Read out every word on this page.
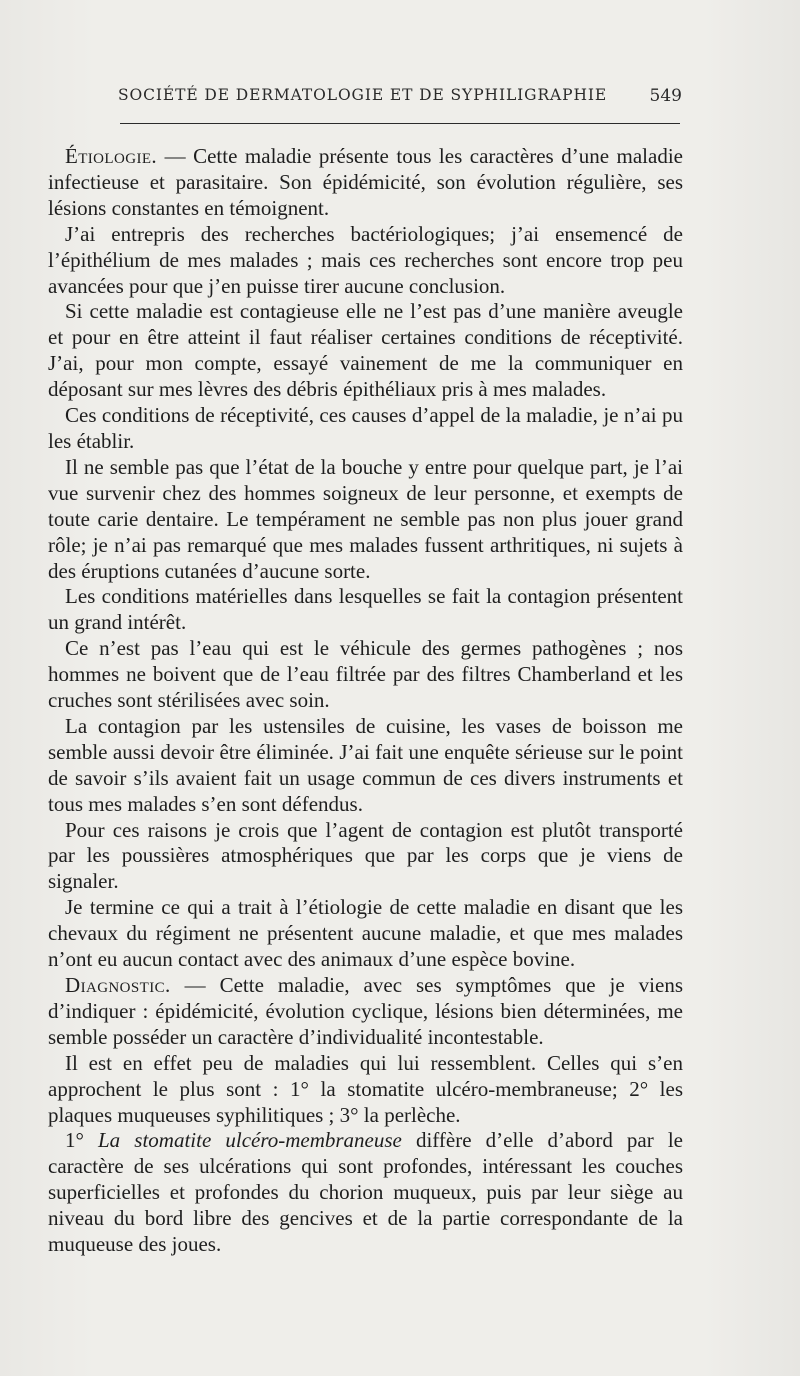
SOCIÉTÉ DE DERMATOLOGIE ET DE SYPHILIGRAPHIE 549

Étiologie. — Cette maladie présente tous les caractères d’une maladie infectieuse et parasitaire. Son épidémicité, son évolution régulière, ses lésions constantes en témoignent.

J’ai entrepris des recherches bactériologiques; j’ai ensemencé de l’épithélium de mes malades ; mais ces recherches sont encore trop peu avancées pour que j’en puisse tirer aucune conclusion.

Si cette maladie est contagieuse elle ne l’est pas d’une manière aveugle et pour en être atteint il faut réaliser certaines conditions de réceptivité. J’ai, pour mon compte, essayé vainement de me la communiquer en déposant sur mes lèvres des débris épithéliaux pris à mes malades.

Ces conditions de réceptivité, ces causes d’appel de la maladie, je n’ai pu les établir.

Il ne semble pas que l’état de la bouche y entre pour quelque part, je l’ai vue survenir chez des hommes soigneux de leur personne, et exempts de toute carie dentaire. Le tempérament ne semble pas non plus jouer grand rôle; je n’ai pas remarqué que mes malades fussent arthritiques, ni sujets à des éruptions cutanées d’aucune sorte.

Les conditions matérielles dans lesquelles se fait la contagion présentent un grand intérêt.

Ce n’est pas l’eau qui est le véhicule des germes pathogènes ; nos hommes ne boivent que de l’eau filtrée par des filtres Chamberland et les cruches sont stérilisées avec soin.

La contagion par les ustensiles de cuisine, les vases de boisson me semble aussi devoir être éliminée. J’ai fait une enquête sérieuse sur le point de savoir s’ils avaient fait un usage commun de ces divers instruments et tous mes malades s’en sont défendus.

Pour ces raisons je crois que l’agent de contagion est plutôt transporté par les poussières atmosphériques que par les corps que je viens de signaler.

Je termine ce qui a trait à l’étiologie de cette maladie en disant que les chevaux du régiment ne présentent aucune maladie, et que mes malades n’ont eu aucun contact avec des animaux d’une espèce bovine.

Diagnostic. — Cette maladie, avec ses symptômes que je viens d’indiquer : épidémicité, évolution cyclique, lésions bien déterminées, me semble posséder un caractère d’individualité incontestable.

Il est en effet peu de maladies qui lui ressemblent. Celles qui s’en approchent le plus sont : 1° la stomatite ulcéro-membraneuse; 2° les plaques muqueuses syphilitiques ; 3° la perlèche.

1° La stomatite ulcéro-membraneuse diffère d’elle d’abord par le caractère de ses ulcérations qui sont profondes, intéressant les couches superficielles et profondes du chorion muqueux, puis par leur siège au niveau du bord libre des gencives et de la partie correspondante de la muqueuse des joues.
